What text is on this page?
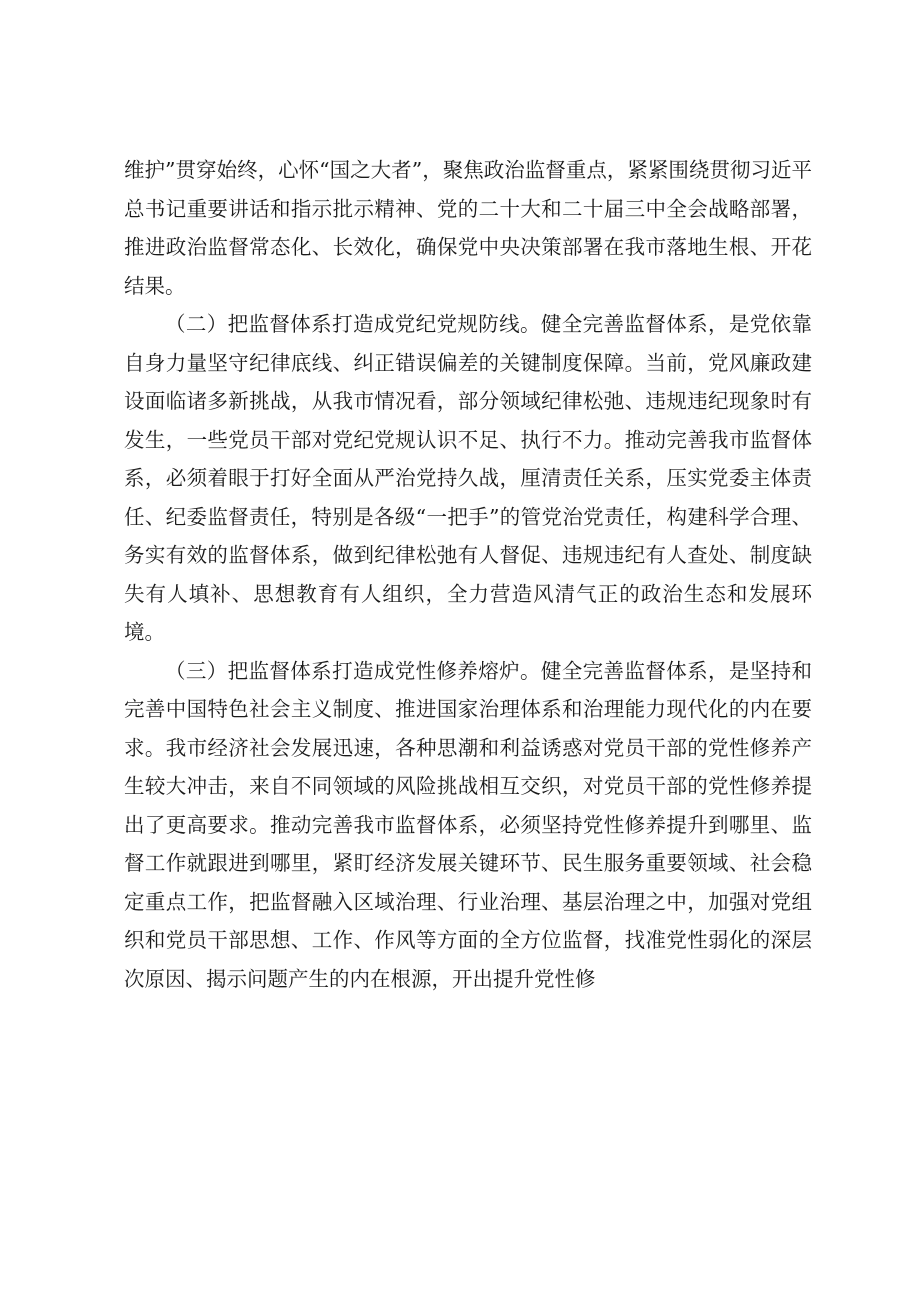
维护”贯穿始终，心怀“国之大者”，聚焦政治监督重点，紧紧围绕贯彻习近平总书记重要讲话和指示批示精神、党的二十大和二十届三中全会战略部署，推进政治监督常态化、长效化，确保党中央决策部署在我市落地生根、开花结果。

（二）把监督体系打造成党纪党规防线。健全完善监督体系，是党依靠自身力量坚守纪律底线、纠正错误偏差的关键制度保障。当前，党风廉政建设面临诸多新挑战，从我市情况看，部分领域纪律松弛、违规违纪现象时有发生，一些党员干部对党纪党规认识不足、执行不力。推动完善我市监督体系，必须着眼于打好全面从严治党持久战，厘清责任关系，压实党委主体责任、纪委监督责任，特别是各级“一把手”的管党治党责任，构建科学合理、务实有效的监督体系，做到纪律松弛有人督促、违规违纪有人查处、制度缺失有人填补、思想教育有人组织，全力营造风清气正的政治生态和发展环境。

（三）把监督体系打造成党性修养熔炉。健全完善监督体系，是坚持和完善中国特色社会主义制度、推进国家治理体系和治理能力现代化的内在要求。我市经济社会发展迅速，各种思潮和利益诱惑对党员干部的党性修养产生较大冲击，来自不同领域的风险挑战相互交织，对党员干部的党性修养提出了更高要求。推动完善我市监督体系，必须坚持党性修养提升到哪里、监督工作就跟进到哪里，紧盯经济发展关键环节、民生服务重要领域、社会稳定重点工作，把监督融入区域治理、行业治理、基层治理之中，加强对党组织和党员干部思想、工作、作风等方面的全方位监督，找准党性弱化的深层次原因、揭示问题产生的内在根源，开出提升党性修
